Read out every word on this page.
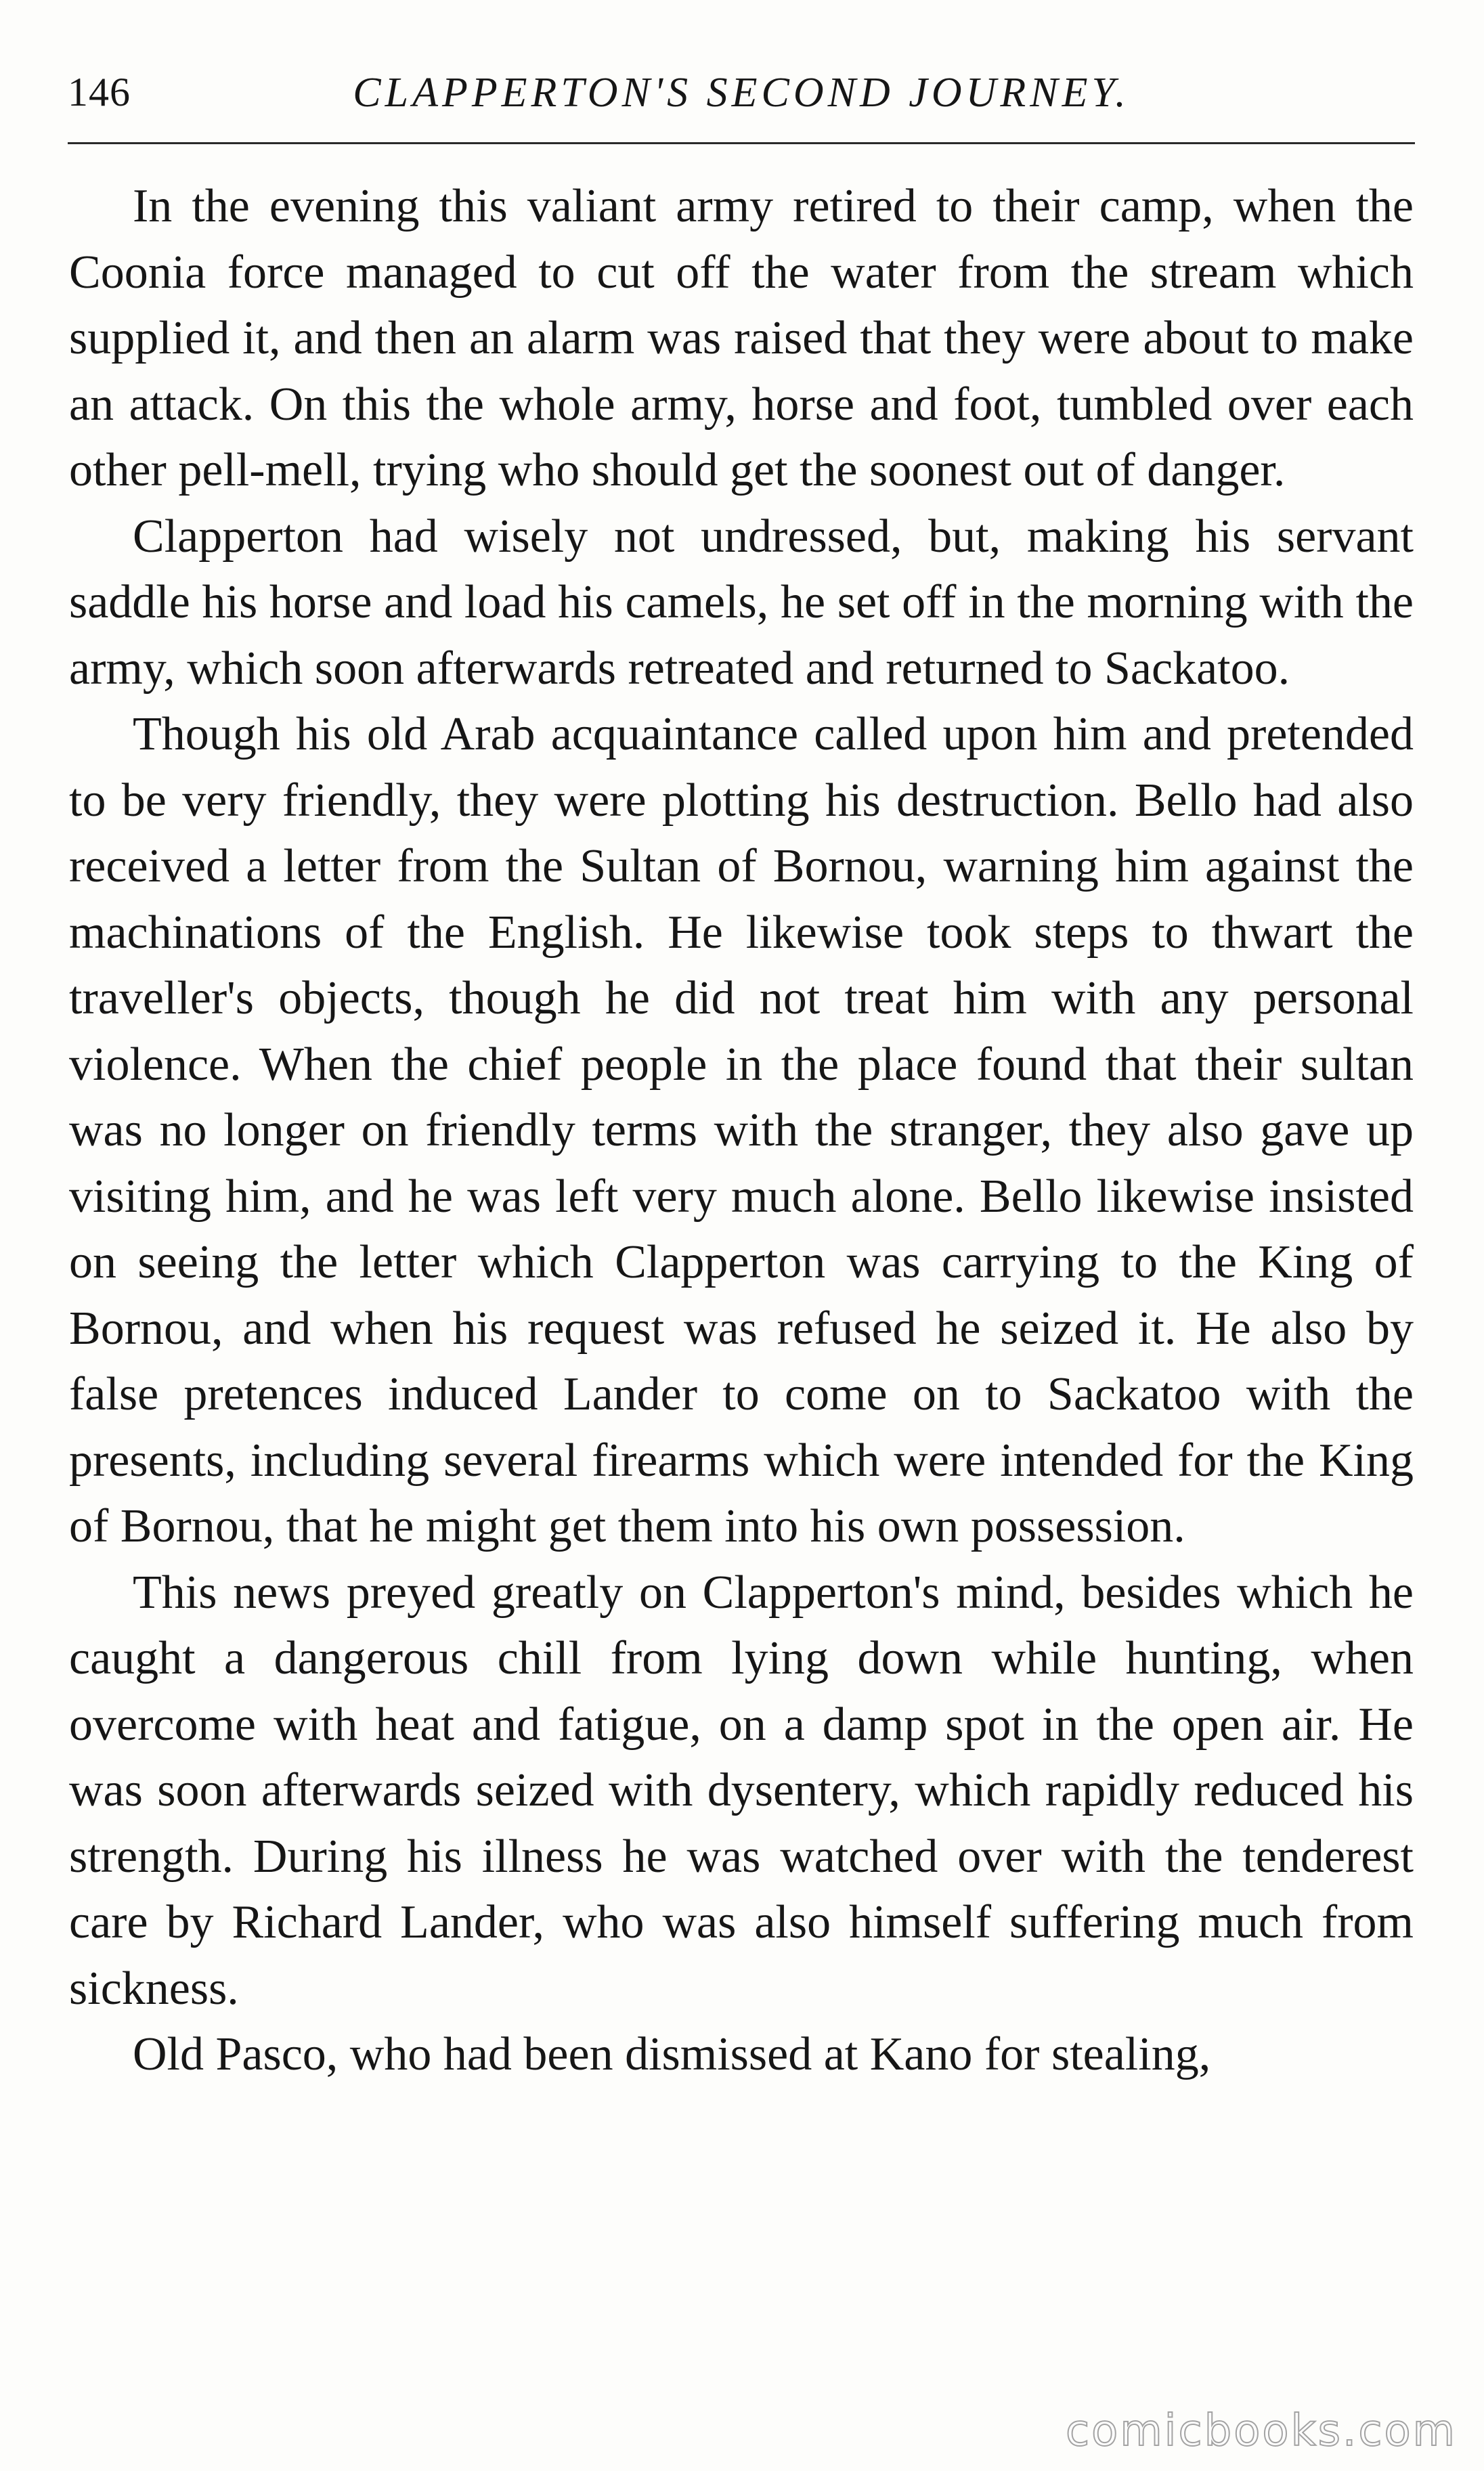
146	CLAPPERTON'S SECOND JOURNEY.

In the evening this valiant army retired to their camp, when the Coonia force managed to cut off the water from the stream which supplied it, and then an alarm was raised that they were about to make an attack. On this the whole army, horse and foot, tumbled over each other pell-mell, trying who should get the soonest out of danger.

Clapperton had wisely not undressed, but, making his servant saddle his horse and load his camels, he set off in the morning with the army, which soon afterwards retreated and returned to Sackatoo.

Though his old Arab acquaintance called upon him and pretended to be very friendly, they were plotting his destruction. Bello had also received a letter from the Sultan of Bornou, warning him against the machinations of the English. He likewise took steps to thwart the traveller's objects, though he did not treat him with any personal violence. When the chief people in the place found that their sultan was no longer on friendly terms with the stranger, they also gave up visiting him, and he was left very much alone. Bello likewise insisted on seeing the letter which Clapperton was carrying to the King of Bornou, and when his request was refused he seized it. He also by false pretences induced Lander to come on to Sackatoo with the presents, including several firearms which were intended for the King of Bornou, that he might get them into his own possession.

This news preyed greatly on Clapperton's mind, besides which he caught a dangerous chill from lying down while hunting, when overcome with heat and fatigue, on a damp spot in the open air. He was soon afterwards seized with dysentery, which rapidly reduced his strength. During his illness he was watched over with the tenderest care by Richard Lander, who was also himself suffering much from sickness.

Old Pasco, who had been dismissed at Kano for stealing,

comicbooks.com
